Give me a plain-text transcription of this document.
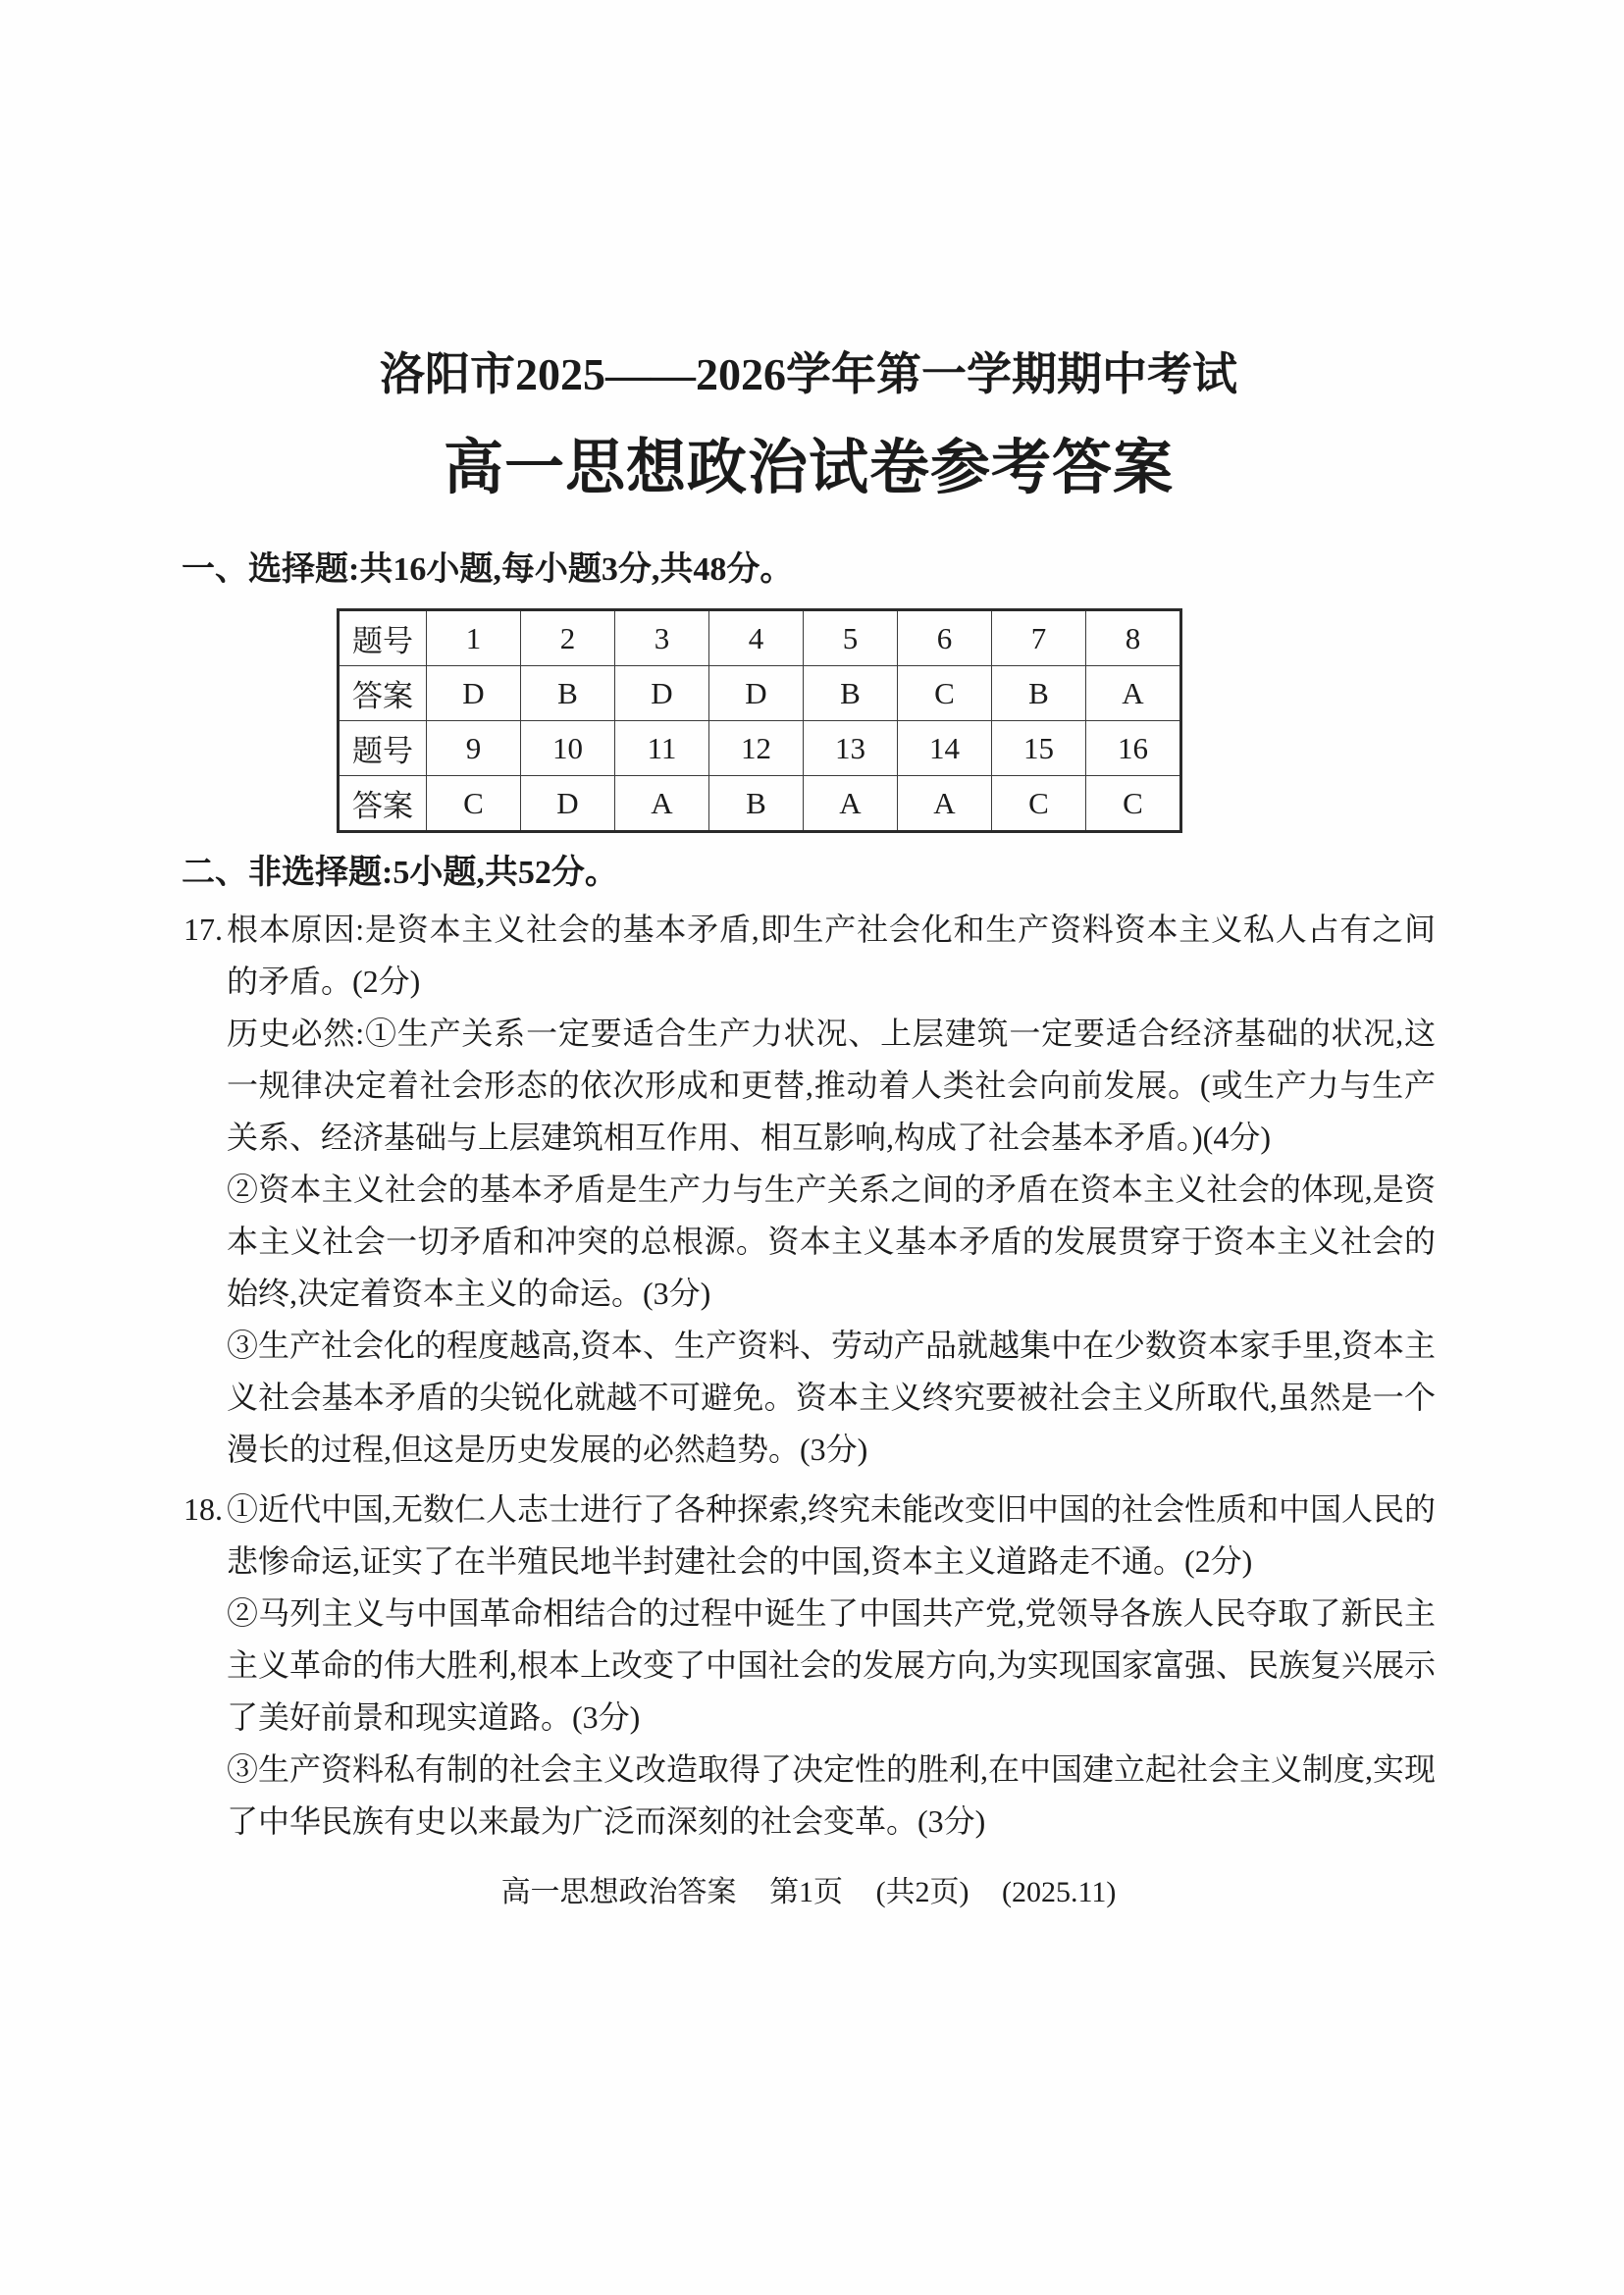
洛阳市2025——2026学年第一学期期中考试
高一思想政治试卷参考答案
一、选择题:共16小题,每小题3分,共48分。
题号	1	2	3	4	5	6	7	8
答案	D	B	D	D	B	C	B	A
题号	9	10	11	12	13	14	15	16
答案	C	D	A	B	A	A	C	C
二、非选择题:5小题,共52分。
17. 根本原因:是资本主义社会的基本矛盾,即生产社会化和生产资料资本主义私人占有之间的矛盾。(2分)

历史必然:①生产关系一定要适合生产力状况、上层建筑一定要适合经济基础的状况,这一规律决定着社会形态的依次形成和更替,推动着人类社会向前发展。(或生产力与生产关系、经济基础与上层建筑相互作用、相互影响,构成了社会基本矛盾。)(4分)

②资本主义社会的基本矛盾是生产力与生产关系之间的矛盾在资本主义社会的体现,是资本主义社会一切矛盾和冲突的总根源。资本主义基本矛盾的发展贯穿于资本主义社会的始终,决定着资本主义的命运。(3分)

③生产社会化的程度越高,资本、生产资料、劳动产品就越集中在少数资本家手里,资本主义社会基本矛盾的尖锐化就越不可避免。资本主义终究要被社会主义所取代,虽然是一个漫长的过程,但这是历史发展的必然趋势。(3分)

18. ①近代中国,无数仁人志士进行了各种探索,终究未能改变旧中国的社会性质和中国人民的悲惨命运,证实了在半殖民地半封建社会的中国,资本主义道路走不通。(2分)

②马列主义与中国革命相结合的过程中诞生了中国共产党,党领导各族人民夺取了新民主主义革命的伟大胜利,根本上改变了中国社会的发展方向,为实现国家富强、民族复兴展示了美好前景和现实道路。(3分)

③生产资料私有制的社会主义改造取得了决定性的胜利,在中国建立起社会主义制度,实现了中华民族有史以来最为广泛而深刻的社会变革。(3分)

高一思想政治答案 第1页 (共2页) (2025.11)
